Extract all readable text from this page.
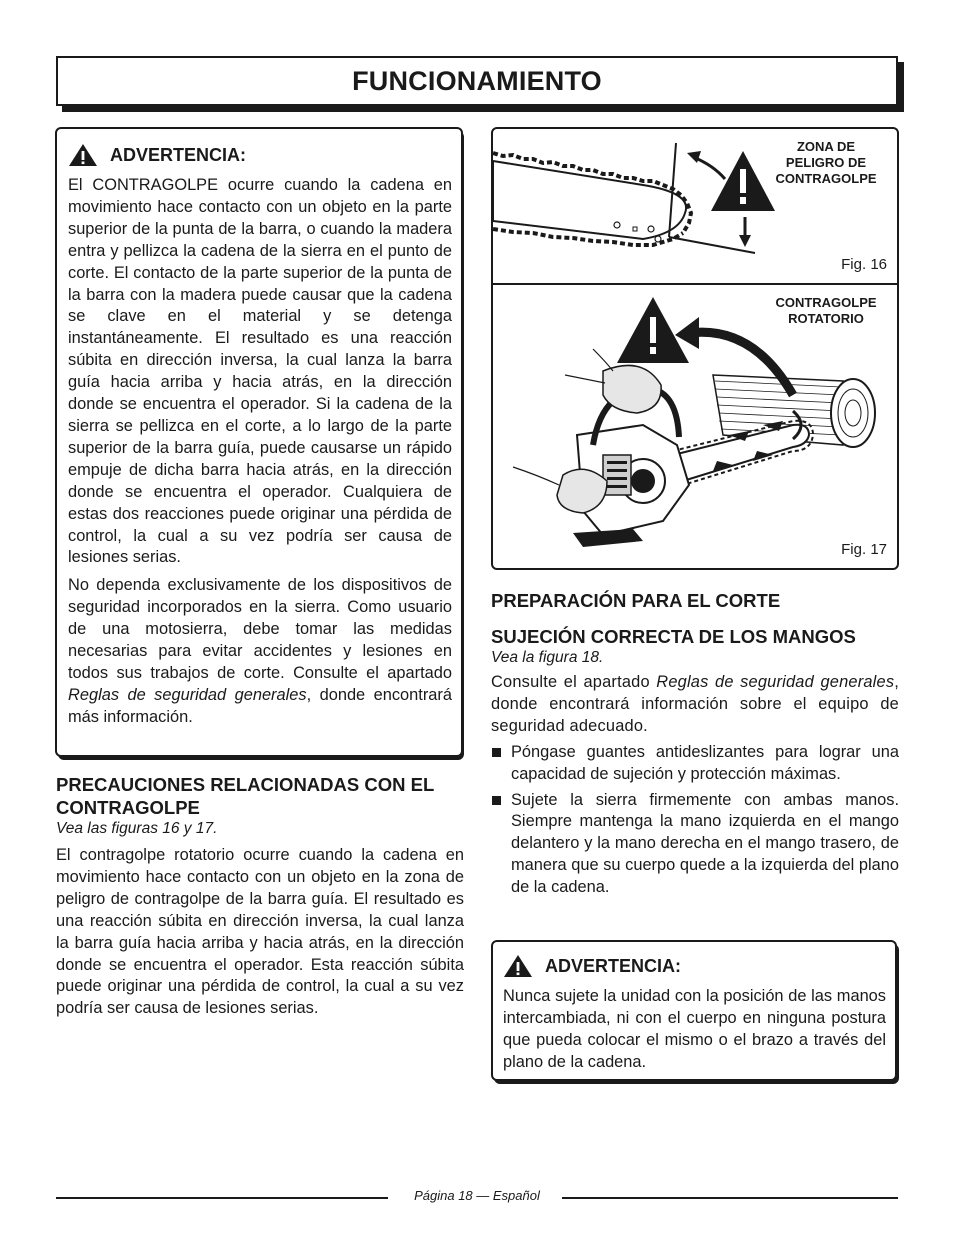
FUNCIONAMIENTO
ADVERTENCIA:

El CONTRAGOLPE ocurre cuando la cadena en movimiento hace contacto con un objeto en la parte superior de la punta de la barra, o cuando la madera entra y pellizca la cadena de la sierra en el punto de corte. El contacto de la parte superior de la punta de la barra con la madera puede causar que la cadena se clave en el material y se detenga instantáneamente. El resultado es una reacción súbita en dirección inversa, la cual lanza la barra guía hacia arriba y hacia atrás, en la dirección donde se encuentra el operador. Si la cadena de la sierra se pellizca en el corte, a lo largo de la parte superior de la barra guía, puede causarse un rápido empuje de dicha barra hacia atrás, en la dirección donde se encuentra el operador. Cualquiera de estas dos reacciones puede originar una pérdida de control, la cual a su vez podría ser causa de lesiones serias.

No dependa exclusivamente de los dispositivos de seguridad incorporados en la sierra. Como usuario de una motosierra, debe tomar las medidas necesarias para evitar accidentes y lesiones en todos sus trabajos de corte. Consulte el apartado Reglas de seguridad generales, donde encontrará más información.

PRECAUCIONES RELACIONADAS CON EL CONTRAGOLPE
Vea las figuras 16 y 17.

El contragolpe rotatorio ocurre cuando la cadena en movimiento hace contacto con un objeto en la zona de peligro de contragolpe de la barra guía. El resultado es una reacción súbita en dirección inversa, la cual lanza la barra guía hacia arriba y hacia atrás, en la dirección donde se encuentra el operador. Esta reacción súbita puede originar una pérdida de control, la cual a su vez podría ser causa de lesiones serias.

ZONA DE
PELIGRO DE
CONTRAGOLPE
Fig. 16
CONTRAGOLPE
ROTATORIO
Fig. 17
PREPARACIÓN PARA EL CORTE
SUJECIÓN CORRECTA DE LOS MANGOS
Vea la figura 18.

Consulte el apartado Reglas de seguridad generales, donde encontrará información sobre el equipo de seguridad adecuado.

Póngase guantes antideslizantes para lograr una capacidad de sujeción y protección máximas.
Sujete la sierra firmemente con ambas manos. Siempre mantenga la mano izquierda en el mango delantero y la mano derecha en el mango trasero, de manera que su cuerpo quede a la izquierda del plano de la cadena.
ADVERTENCIA:

Nunca sujete la unidad con la posición de las manos intercambiada, ni con el cuerpo en ninguna postura que pueda colocar el mismo o el brazo a través del plano de la cadena.

Página 18 — Español
